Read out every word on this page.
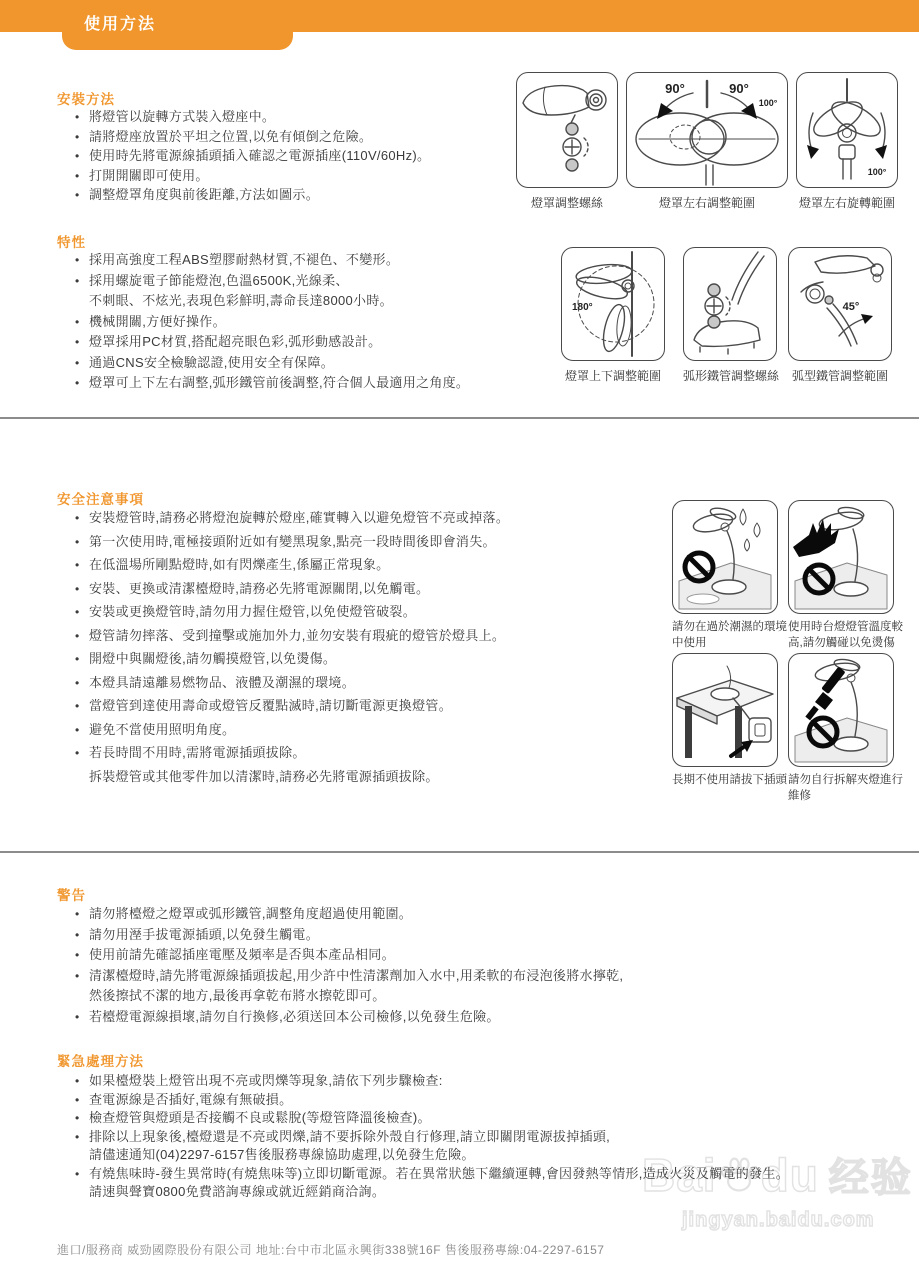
使用方法
安裝方法
• 將燈管以旋轉方式裝入燈座中。
• 請將燈座放置於平坦之位置,以免有傾倒之危險。
• 使用時先將電源線插頭插入確認之電源插座(110V/60Hz)。
• 打開開關即可使用。
• 調整燈罩角度與前後距離,方法如圖示。
燈罩調整螺絲
90°	90°
100°
燈罩左右調整範圍
100°
燈罩左右旋轉範圍
特性
• 採用高強度工程ABS塑膠耐熱材質,不褪色、不變形。
• 採用螺旋電子節能燈泡,色溫6500K,光線柔、
不刺眼、不炫光,表現色彩鮮明,壽命長達8000小時。
• 機械開關,方便好操作。
• 燈罩採用PC材質,搭配超亮眼色彩,弧形動感設計。
• 通過CNS安全檢驗認證,使用安全有保障。
• 燈罩可上下左右調整,弧形鐵管前後調整,符合個人最適用之角度。
180°
燈罩上下調整範圍	弧形鐵管調整螺絲
45°
弧型鐵管調整範圍
安全注意事項
• 安裝燈管時,請務必將燈泡旋轉於燈座,確實轉入以避免燈管不亮或掉落。
• 第一次使用時,電極接頭附近如有變黑現象,點亮一段時間後即會消失。
• 在低溫場所剛點燈時,如有閃爍產生,係屬正常現象。
• 安裝、更換或清潔檯燈時,請務必先將電源關閉,以免觸電。
• 安裝或更換燈管時,請勿用力握住燈管,以免使燈管破裂。
• 燈管請勿摔落、受到撞擊或施加外力,並勿安裝有瑕疵的燈管於燈具上。
• 開燈中與關燈後,請勿觸摸燈管,以免燙傷。
• 本燈具請遠離易燃物品、液體及潮濕的環境。
• 當燈管到達使用壽命或燈管反覆點滅時,請切斷電源更換燈管。
• 避免不當使用照明角度。
• 若長時間不用時,需將電源插頭拔除。
拆裝燈管或其他零件加以清潔時,請務必先將電源插頭拔除。
請勿在過於潮濕的環境中使用
使用時台燈燈管溫度較高,請勿觸碰以免燙傷
長期不使用請拔下插頭 請勿自行拆解夾燈進行維修
警告
• 請勿將檯燈之燈罩或弧形鐵管,調整角度超過使用範圍。
• 請勿用溼手拔電源插頭,以免發生觸電。
• 使用前請先確認插座電壓及頻率是否與本產品相同。
• 清潔檯燈時,請先將電源線插頭拔起,用少許中性清潔劑加入水中,用柔軟的布浸泡後將水擰乾,
然後擦拭不潔的地方,最後再拿乾布將水擦乾即可。
• 若檯燈電源線損壞,請勿自行換修,必須送回本公司檢修,以免發生危險。
緊急處理方法
• 如果檯燈裝上燈管出現不亮或閃爍等現象,請依下列步驟檢查:
• 查電源線是否插好,電線有無破損。
• 檢查燈管與燈頭是否接觸不良或鬆脫(等燈管降溫後檢查)。
• 排除以上現象後,檯燈還是不亮或閃爍,請不要拆除外殼自行修理,請立即關閉電源拔掉插頭,
請儘速通知(04)2297-6157售後服務專線協助處理,以免發生危險。
• 有燒焦味時-發生異常時(有燒焦味等)立即切斷電源。若在異常狀態下繼續運轉,會因發熱等情形,造成火災及觸電的發生。
請速與聲寶0800免費諮詢專線或就近經銷商洽詢。	Bai du 经验
jingyan.baidu.com
進口/服務商 威勁國際股份有限公司 地址:台中市北區永興街338號16F 售後服務專線:04-2297-6157
